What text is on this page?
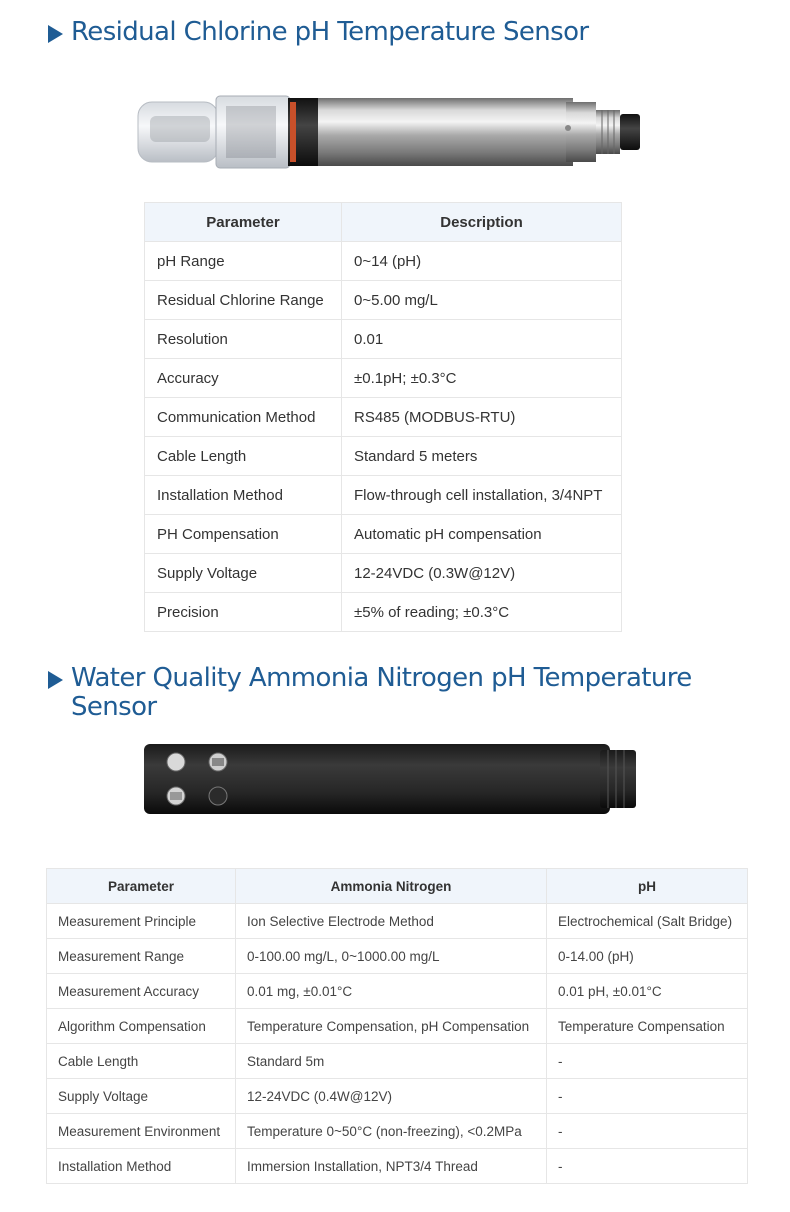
Residual Chlorine pH Temperature Sensor
Parameter	Description
pH Range	0~14 (pH)
Residual Chlorine Range	0~5.00 mg/L
Resolution	0.01
Accuracy	±0.1pH; ±0.3°C
Communication Method	RS485 (MODBUS-RTU)
Cable Length	Standard 5 meters
Installation Method	Flow-through cell installation, 3/4NPT
PH Compensation	Automatic pH compensation
Supply Voltage	12-24VDC (0.3W@12V)
Precision	±5% of reading; ±0.3°C
Water Quality Ammonia Nitrogen pH Temperature Sensor
Parameter	Ammonia Nitrogen	pH
Measurement Principle	Ion Selective Electrode Method	Electrochemical (Salt Bridge)
Measurement Range	0-100.00 mg/L, 0~1000.00 mg/L	0-14.00 (pH)
Measurement Accuracy	0.01 mg, ±0.01°C	0.01 pH, ±0.01°C
Algorithm Compensation	Temperature Compensation, pH Compensation	Temperature Compensation
Cable Length	Standard 5m	-
Supply Voltage	12-24VDC (0.4W@12V)	-
Measurement Environment	Temperature 0~50°C (non-freezing), <0.2MPa	-
Installation Method	Immersion Installation, NPT3/4 Thread	-
